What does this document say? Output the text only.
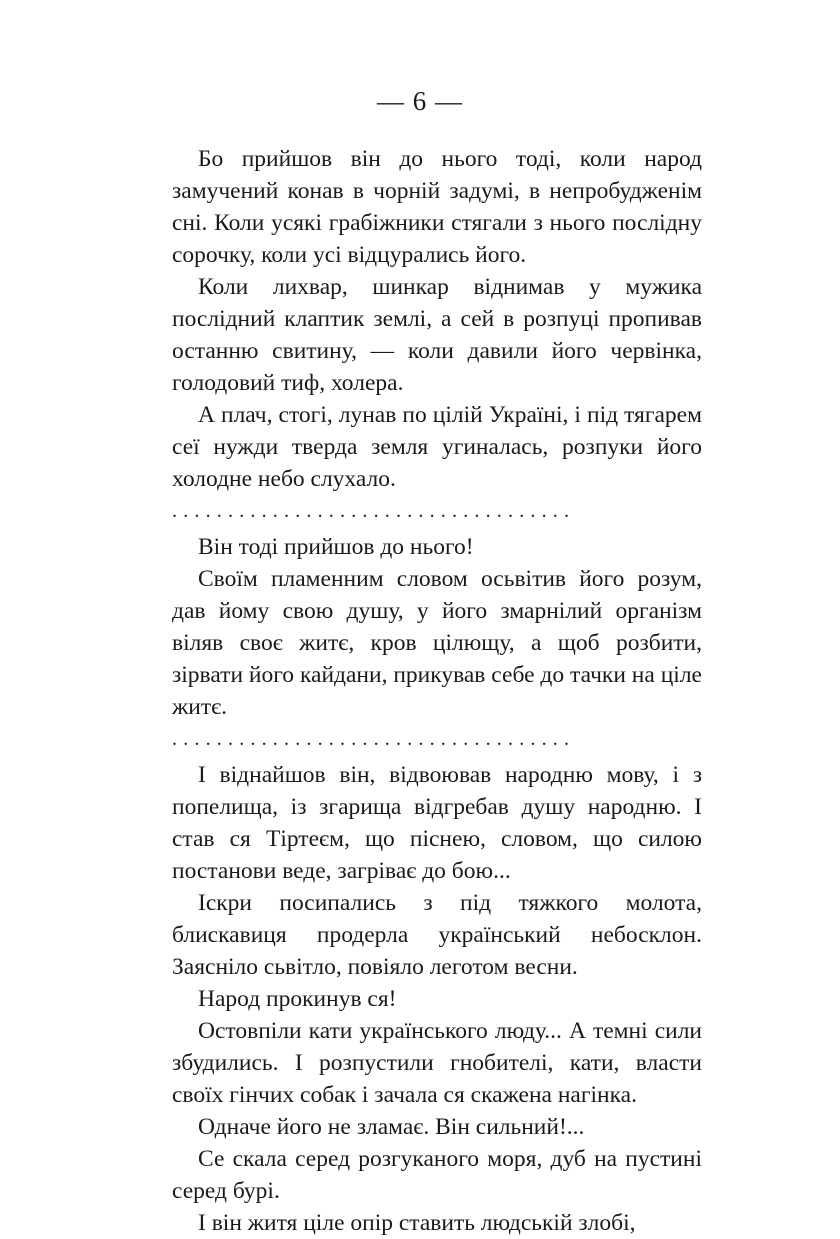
— 6 —

Бо прийшов він до нього тоді, коли народ замучений конав в чорній задумі, в непробудженім сні. Коли усякі грабіжники стягали з нього послідну сорочку, коли усі відцурались його.

Коли лихвар, шинкар віднимав у мужика послідний клаптик землі, а сей в розпуці пропивав останню свитину, — коли давили його червінка, голодовий тиф, холера.

А плач, стогі, лунав по цілій Україні, і під тягарем сеї нужди тверда земля угиналась, розпуки його холодне небо слухало.

....................................

Він тоді прийшов до нього!

Своїм пламенним словом осьвітив його розум, дав йому свою душу, у його змарнілий організм віляв своє житє, кров цілющу, а щоб розбити, зірвати його кайдани, прикував себе до тачки на ціле житє.

....................................

І віднайшов він, відвоював народню мову, і з попелища, із згарища відгребав душу народню. І став ся Тіртеєм, що піснею, словом, що силою постанови веде, загріває до бою...

Іскри посипались з під тяжкого молота, блискавиця продерла український небосклон. Заясніло сьвітло, повіяло леготом весни.

Народ прокинув ся!

Остовпіли кати українського люду... А темні сили збудились. І розпустили гнобителі, кати, власти своїх гінчих собак і зачала ся скажена нагінка.

Одначе його не зламає. Він сильний!...

Се скала серед розгуканого моря, дуб на пустині серед бурі.

І він житя ціле опір ставить людській злобі,
